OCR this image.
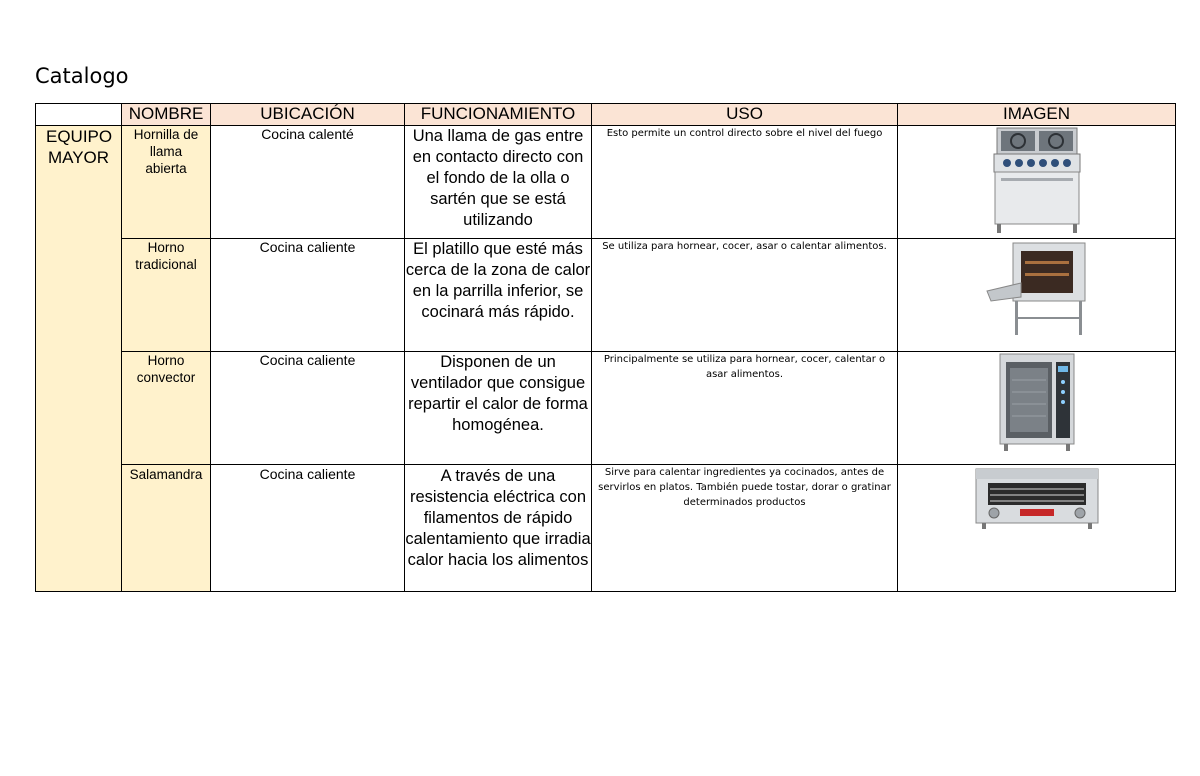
Catalogo
	NOMBRE	UBICACIÓN	FUNCIONAMIENTO	USO	IMAGEN
EQUIPO MAYOR	Hornilla de llama abierta	Cocina calenté	Una llama de gas entre en contacto directo con el fondo de la olla o sartén que se está utilizando	Esto permite un control directo sobre el nivel del fuego	

	Horno tradicional	Cocina caliente	El platillo que esté más cerca de la zona de calor en la parrilla inferior, se cocinará más rápido.	Se utiliza para hornear, cocer, asar o calentar alimentos.	

	Horno convector	Cocina caliente	Disponen de un ventilador que consigue repartir el calor de forma homogénea.	Principalmente se utiliza para hornear, cocer, calentar o asar alimentos.	

	Salamandra	Cocina caliente	A través de una resistencia eléctrica con filamentos de rápido calentamiento que irradia calor hacia los alimentos	Sirve para calentar ingredientes ya cocinados, antes de servirlos en platos. También puede tostar, dorar o gratinar determinados productos	
